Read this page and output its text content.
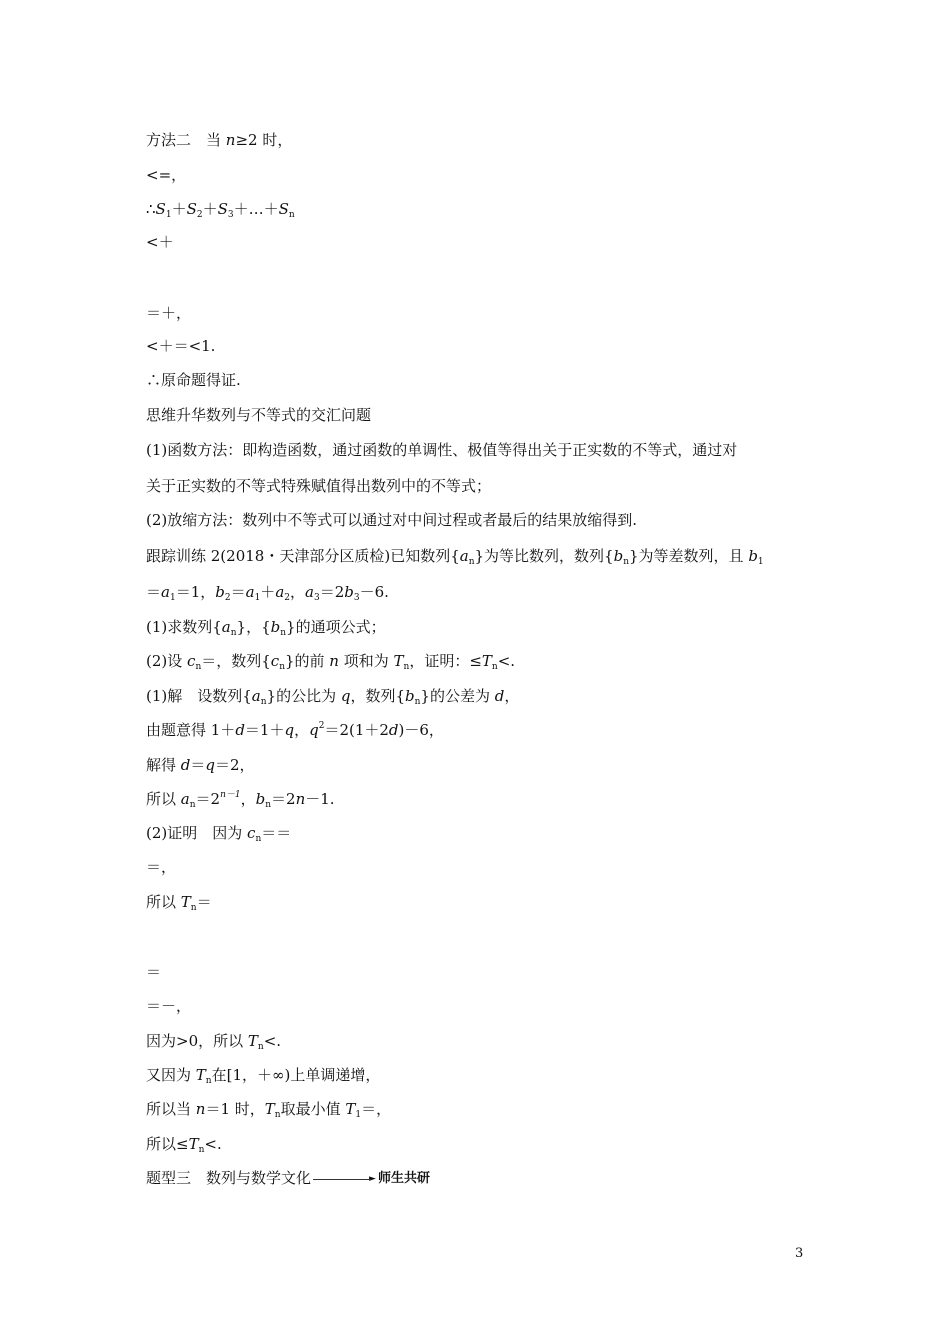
方法二　当 n≥2 时，
<=，
$\therefore S_1+S_2+S_3+\dots+S_n$
<＋
＝＋，
<＋＝<1.
∴原命题得证.
思维升华数列与不等式的交汇问题
(1)函数方法：即构造函数，通过函数的单调性、极值等得出关于正实数的不等式，通过对
关于正实数的不等式特殊赋值得出数列中的不等式；
(2)放缩方法：数列中不等式可以通过对中间过程或者最后的结果放缩得到.
跟踪训练 2(2018・天津部分区质检)已知数列$\{a_n\}$为等比数列，数列$\{b_n\}$为等差数列，且 $b_1$
$=a_1=1$，$b_2=a_1+a_2$，$a_3=2b_3-6$.
(1)求数列$\{a_n\}$，$\{b_n\}$的通项公式；
(2)设 $c_n=$，数列$\{c_n\}$的前 n 项和为 $T_n$，证明：$\le T_n<$.
(1)解　设数列$\{a_n\}$的公比为 q，数列$\{b_n\}$的公差为 d，
由题意得 1＋d＝1＋q，$q^2=2(1+2d)-6$，
解得 d＝q＝2，
所以 $a_n=2^{n-1}$，$b_n=2n-1$.
(2)证明　因为 $c_n==$
＝，
所以 $T_n=$
＝
＝－，
因为>0，所以 $T_n<$.
又因为 $T_n$在[1，＋∞)上单调递增，
所以当 n＝1 时，$T_n$取最小值 $T_1=$，
所以$\le T_n<$.
题型三　数列与数学文化	► 师生共研
3
